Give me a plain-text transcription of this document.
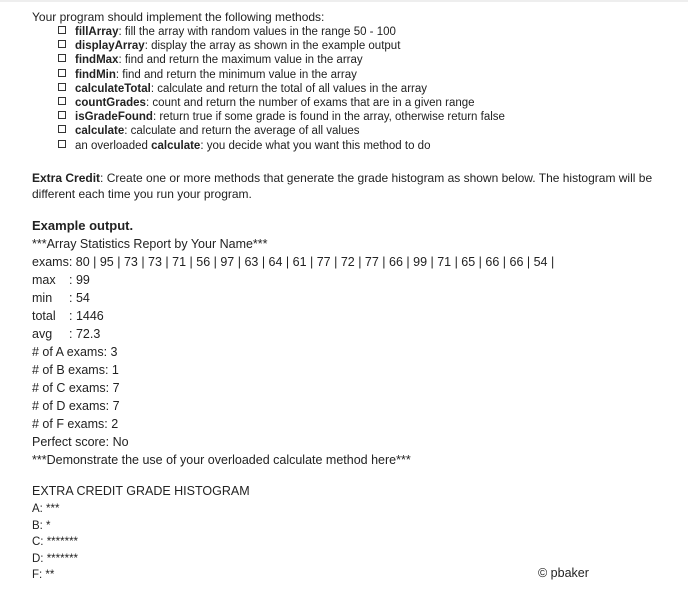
Your program should implement the following methods:
fillArray: fill the array with random values in the range 50 - 100
displayArray: display the array as shown in the example output
findMax: find and return the maximum value in the array
findMin: find and return the minimum value in the array
calculateTotal: calculate and return the total of all values in the array
countGrades: count and return the number of exams that are in a given range
isGradeFound: return true if some grade is found in the array, otherwise return false
calculate: calculate and return the average of all values
an overloaded calculate: you decide what you want this method to do
Extra Credit: Create one or more methods that generate the grade histogram as shown below. The histogram will be different each time you run your program.
Example output.
***Array Statistics Report by Your Name***
exams: 80 | 95 | 73 | 73 | 71 | 56 | 97 | 63 | 64 | 61 | 77 | 72 | 77 | 66 | 99 | 71 | 65 | 66 | 66 | 54 |
max : 99
min : 54
total : 1446
avg : 72.3
# of A exams: 3
# of B exams: 1
# of C exams: 7
# of D exams: 7
# of F exams: 2
Perfect score: No
***Demonstrate the use of your overloaded calculate method here***
EXTRA CREDIT GRADE HISTOGRAM
A: ***
B: *
C: *******
D: *******
F: **	© pbaker
